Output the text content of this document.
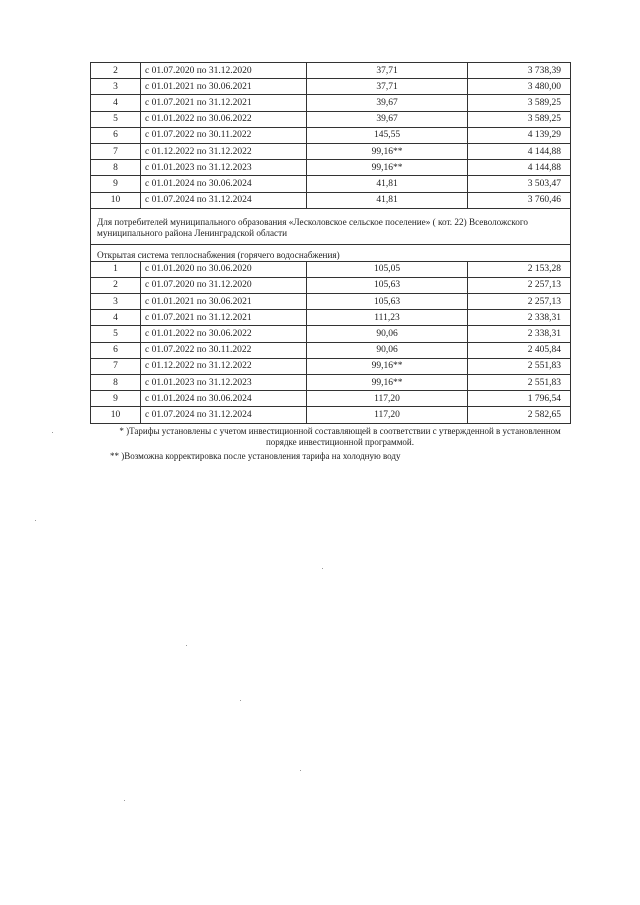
2	с 01.07.2020 по 31.12.2020	37,71	3 738,39
3	с 01.01.2021 по 30.06.2021	37,71	3 480,00
4	с 01.07.2021 по 31.12.2021	39,67	3 589,25
5	с 01.01.2022 по 30.06.2022	39,67	3 589,25
6	с 01.07.2022 по 30.11.2022	145,55	4 139,29
7	с 01.12.2022 по 31.12.2022	99,16**	4 144,88
8	с 01.01.2023 по 31.12.2023	99,16**	4 144,88
9	с 01.01.2024 по 30.06.2024	41,81	3 503,47
10	с 01.07.2024 по 31.12.2024	41,81	3 760,46
Для потребителей муниципального образования «Лесколовское сельское поселение» ( кот. 22) Всеволожского муниципального района Ленинградской области			
Открытая система теплоснабжения (горячего водоснабжения)			
1	с 01.01.2020 по 30.06.2020	105,05	2 153,28
2	с 01.07.2020 по 31.12.2020	105,63	2 257,13
3	с 01.01.2021 по 30.06.2021	105,63	2 257,13
4	с 01.07.2021 по 31.12.2021	111,23	2 338,31
5	с 01.01.2022 по 30.06.2022	90,06	2 338,31
6	с 01.07.2022 по 30.11.2022	90,06	2 405,84
7	с 01.12.2022 по 31.12.2022	99,16**	2 551,83
8	с 01.01.2023 по 31.12.2023	99,16**	2 551,83
9	с 01.01.2024 по 30.06.2024	117,20	1 796,54
10	с 01.07.2024 по 31.12.2024	117,20	2 582,65
* )Тарифы установлены с учетом инвестиционной составляющей в соответствии с утвержденной в установленном
порядке инвестиционной программой.
** )Возможна корректировка после установления тарифа на холодную воду
